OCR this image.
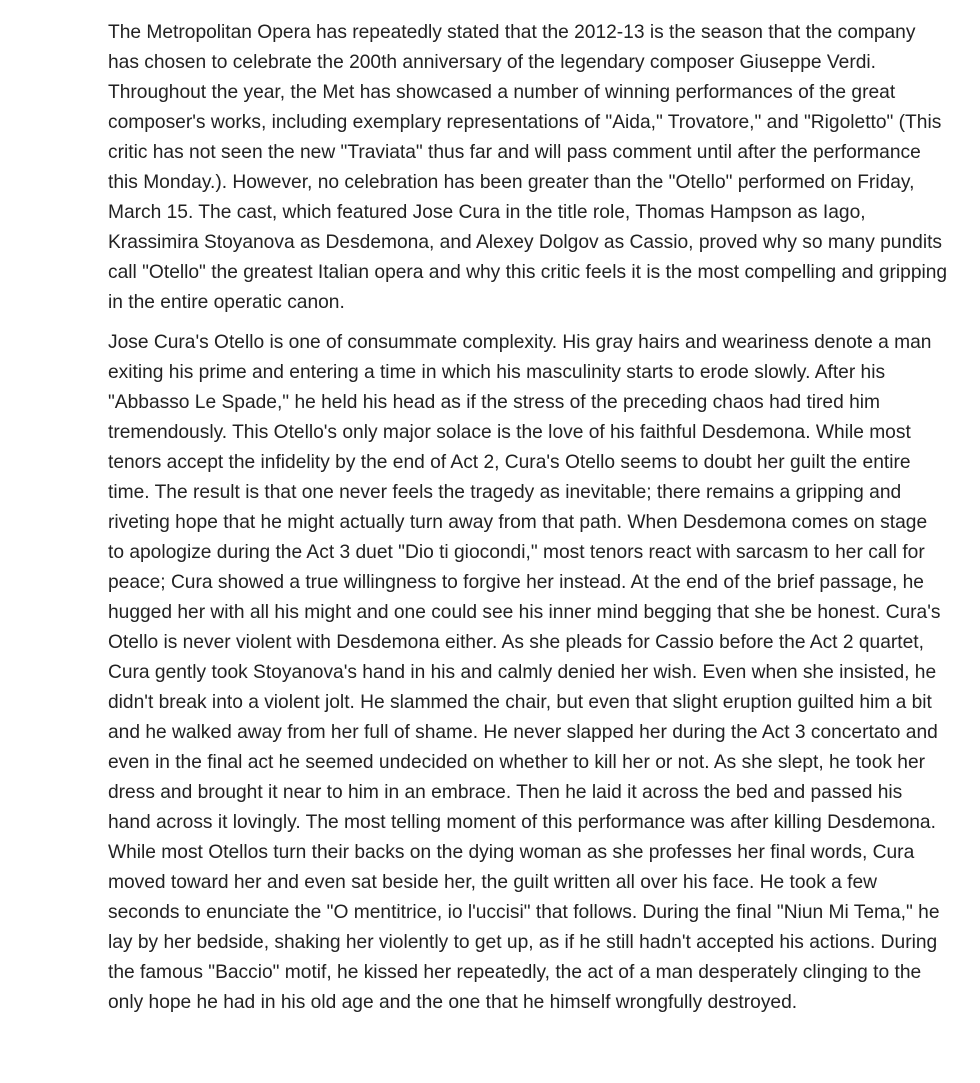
The Metropolitan Opera has repeatedly stated that the 2012-13 is the season that the company has chosen to celebrate the 200th anniversary of the legendary composer Giuseppe Verdi. Throughout the year, the Met has showcased a number of winning performances of the great composer's works, including exemplary representations of "Aida," Trovatore," and "Rigoletto" (This critic has not seen the new "Traviata" thus far and will pass comment until after the performance this Monday.). However, no celebration has been greater than the "Otello" performed on Friday, March 15. The cast, which featured Jose Cura in the title role, Thomas Hampson as Iago, Krassimira Stoyanova as Desdemona, and Alexey Dolgov as Cassio, proved why so many pundits call "Otello" the greatest Italian opera and why this critic feels it is the most compelling and gripping in the entire operatic canon.

Jose Cura's Otello is one of consummate complexity. His gray hairs and weariness denote a man exiting his prime and entering a time in which his masculinity starts to erode slowly. After his "Abbasso Le Spade," he held his head as if the stress of the preceding chaos had tired him tremendously. This Otello's only major solace is the love of his faithful Desdemona. While most tenors accept the infidelity by the end of Act 2, Cura's Otello seems to doubt her guilt the entire time. The result is that one never feels the tragedy as inevitable; there remains a gripping and riveting hope that he might actually turn away from that path. When Desdemona comes on stage to apologize during the Act 3 duet "Dio ti giocondi," most tenors react with sarcasm to her call for peace; Cura showed a true willingness to forgive her instead. At the end of the brief passage, he hugged her with all his might and one could see his inner mind begging that she be honest. Cura's Otello is never violent with Desdemona either. As she pleads for Cassio before the Act 2 quartet, Cura gently took Stoyanova's hand in his and calmly denied her wish. Even when she insisted, he didn't break into a violent jolt. He slammed the chair, but even that slight eruption guilted him a bit and he walked away from her full of shame. He never slapped her during the Act 3 concertato and even in the final act he seemed undecided on whether to kill her or not. As she slept, he took her dress and brought it near to him in an embrace. Then he laid it across the bed and passed his hand across it lovingly. The most telling moment of this performance was after killing Desdemona. While most Otellos turn their backs on the dying woman as she professes her final words, Cura moved toward her and even sat beside her, the guilt written all over his face. He took a few seconds to enunciate the "O mentitrice, io l'uccisi" that follows. During the final "Niun Mi Tema," he lay by her bedside, shaking her violently to get up, as if he still hadn't accepted his actions. During the famous "Baccio" motif, he kissed her repeatedly, the act of a man desperately clinging to the only hope he had in his old age and the one that he himself wrongfully destroyed.
